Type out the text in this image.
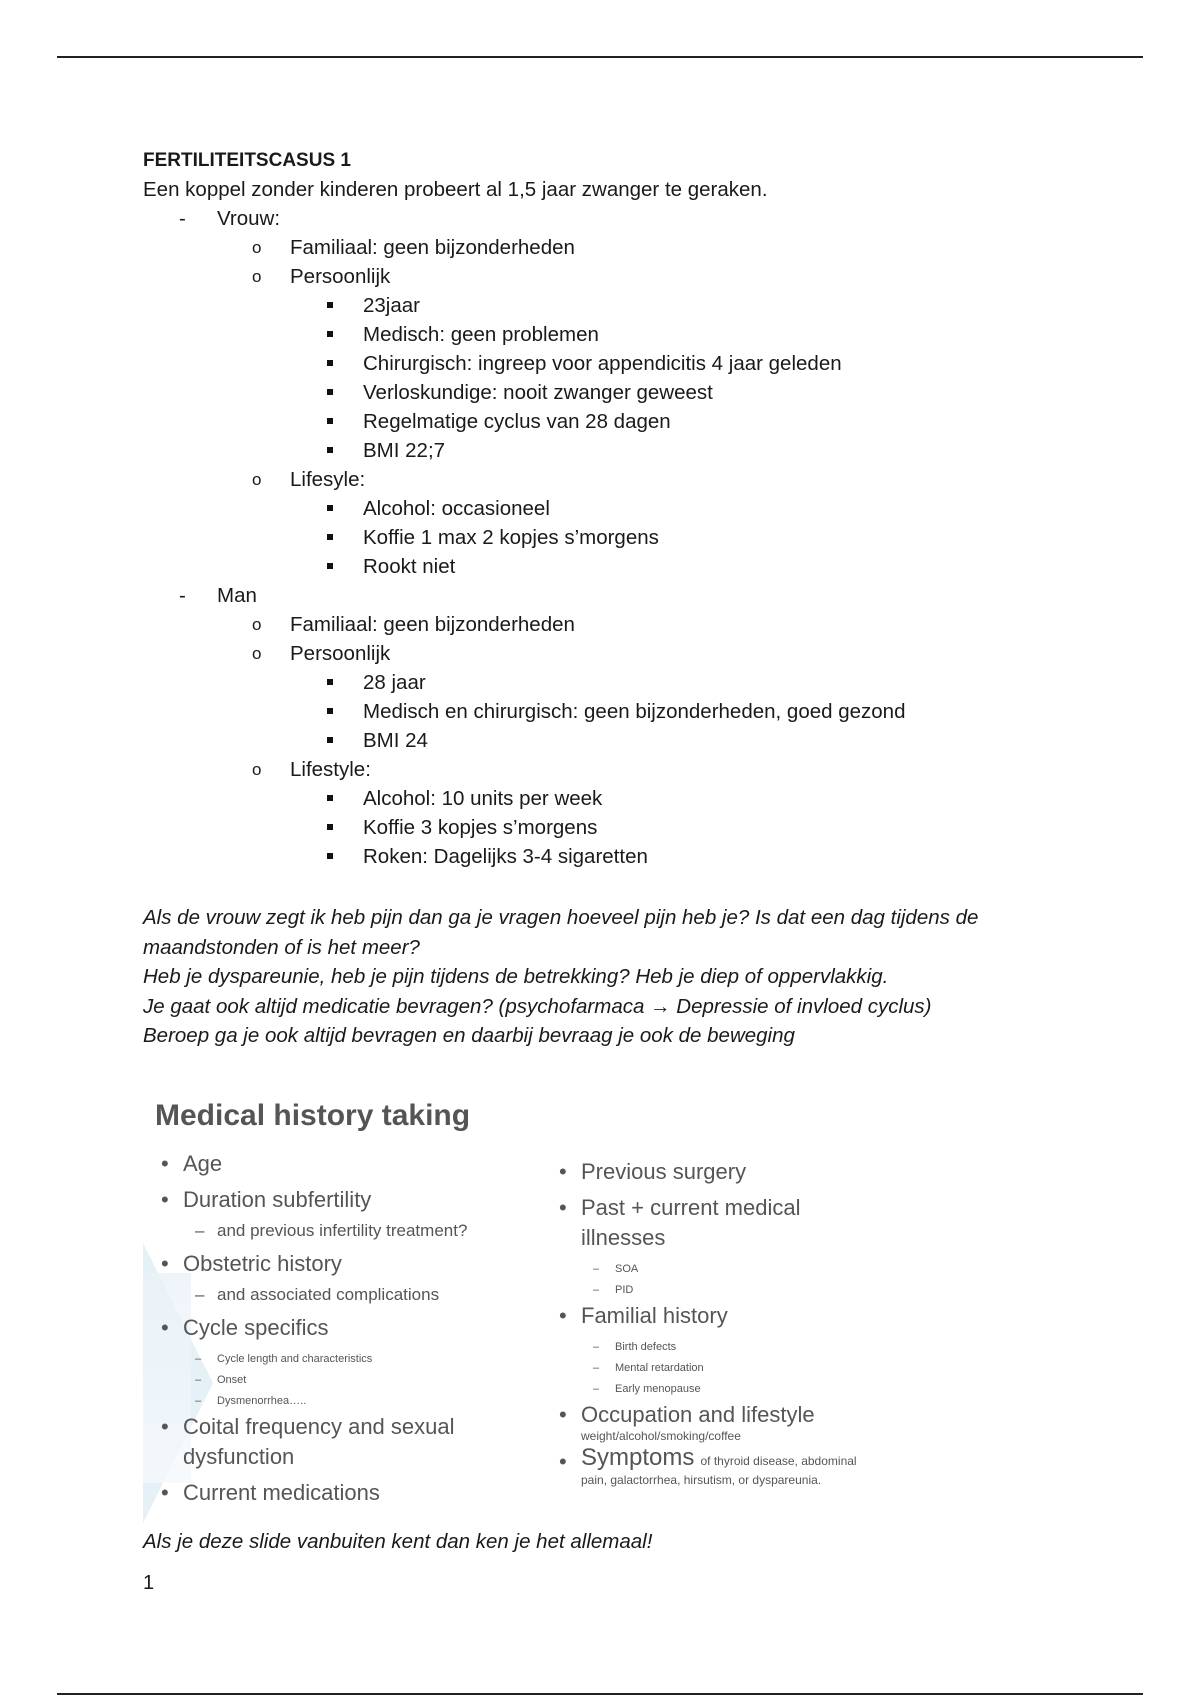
FERTILITEITSCASUS 1
Een koppel zonder kinderen probeert al 1,5 jaar zwanger te geraken.
- Vrouw:
o Familiaal: geen bijzonderheden
o Persoonlijk
23jaar
Medisch: geen problemen
Chirurgisch: ingreep voor appendicitis 4 jaar geleden
Verloskundige: nooit zwanger geweest
Regelmatige cyclus van 28 dagen
BMI 22;7
o Lifesyle:
Alcohol: occasioneel
Koffie 1 max 2 kopjes s’morgens
Rookt niet
- Man
o Familiaal: geen bijzonderheden
o Persoonlijk
28 jaar
Medisch en chirurgisch: geen bijzonderheden, goed gezond
BMI 24
o Lifestyle:
Alcohol: 10 units per week
Koffie 3 kopjes s’morgens
Roken: Dagelijks 3-4 sigaretten

Als de vrouw zegt ik heb pijn dan ga je vragen hoeveel pijn heb je? Is dat een dag tijdens de maandstonden of is het meer?

Heb je dyspareunie, heb je pijn tijdens de betrekking? Heb je diep of oppervlakkig.

Je gaat ook altijd medicatie bevragen? (psychofarmaca → Depressie of invloed cyclus)

Beroep ga je ook altijd bevragen en daarbij bevraag je ook de beweging

Medical history taking
• Age
• Duration subfertility
– and previous infertility treatment?
• Obstetric history
– and associated complications
• Cycle specifics
– Cycle length and characteristics
– Onset
– Dysmenorrhea…..
• Coital frequency and sexual dysfunction
• Current medications
• Previous surgery
• Past + current medical illnesses
– SOA
– PID
• Familial history
– Birth defects
– Mental retardation
– Early menopause
• Occupation and lifestyle
weight/alcohol/smoking/coffee
• Symptoms of thyroid disease, abdominal pain, galactorrhea, hirsutism, or dyspareunia.
Als je deze slide vanbuiten kent dan ken je het allemaal!
1
